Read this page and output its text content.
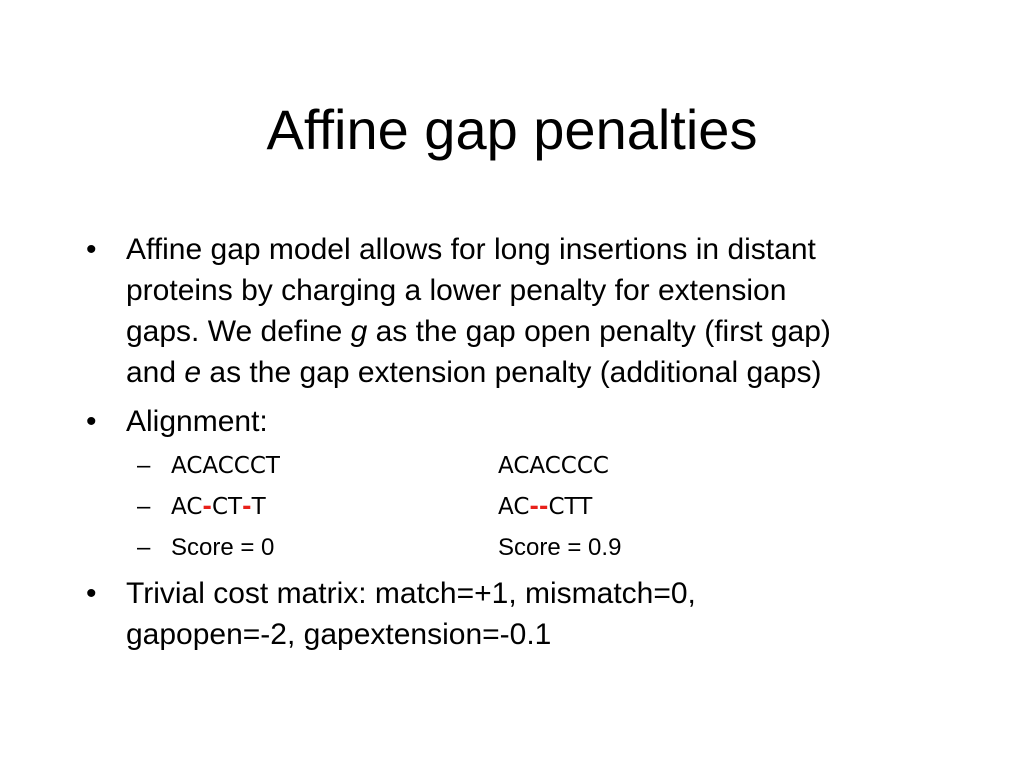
Affine gap penalties
• Affine gap model allows for long insertions in distant
proteins by charging a lower penalty for extension
gaps. We define g as the gap open penalty (first gap)
and e as the gap extension penalty (additional gaps)
• Alignment:
– ACACCCT	ACACCCC
– AC-CT-T	AC--CTT
– Score = 0	Score = 0.9
• Trivial cost matrix: match=+1, mismatch=0,
gapopen=-2, gapextension=-0.1
